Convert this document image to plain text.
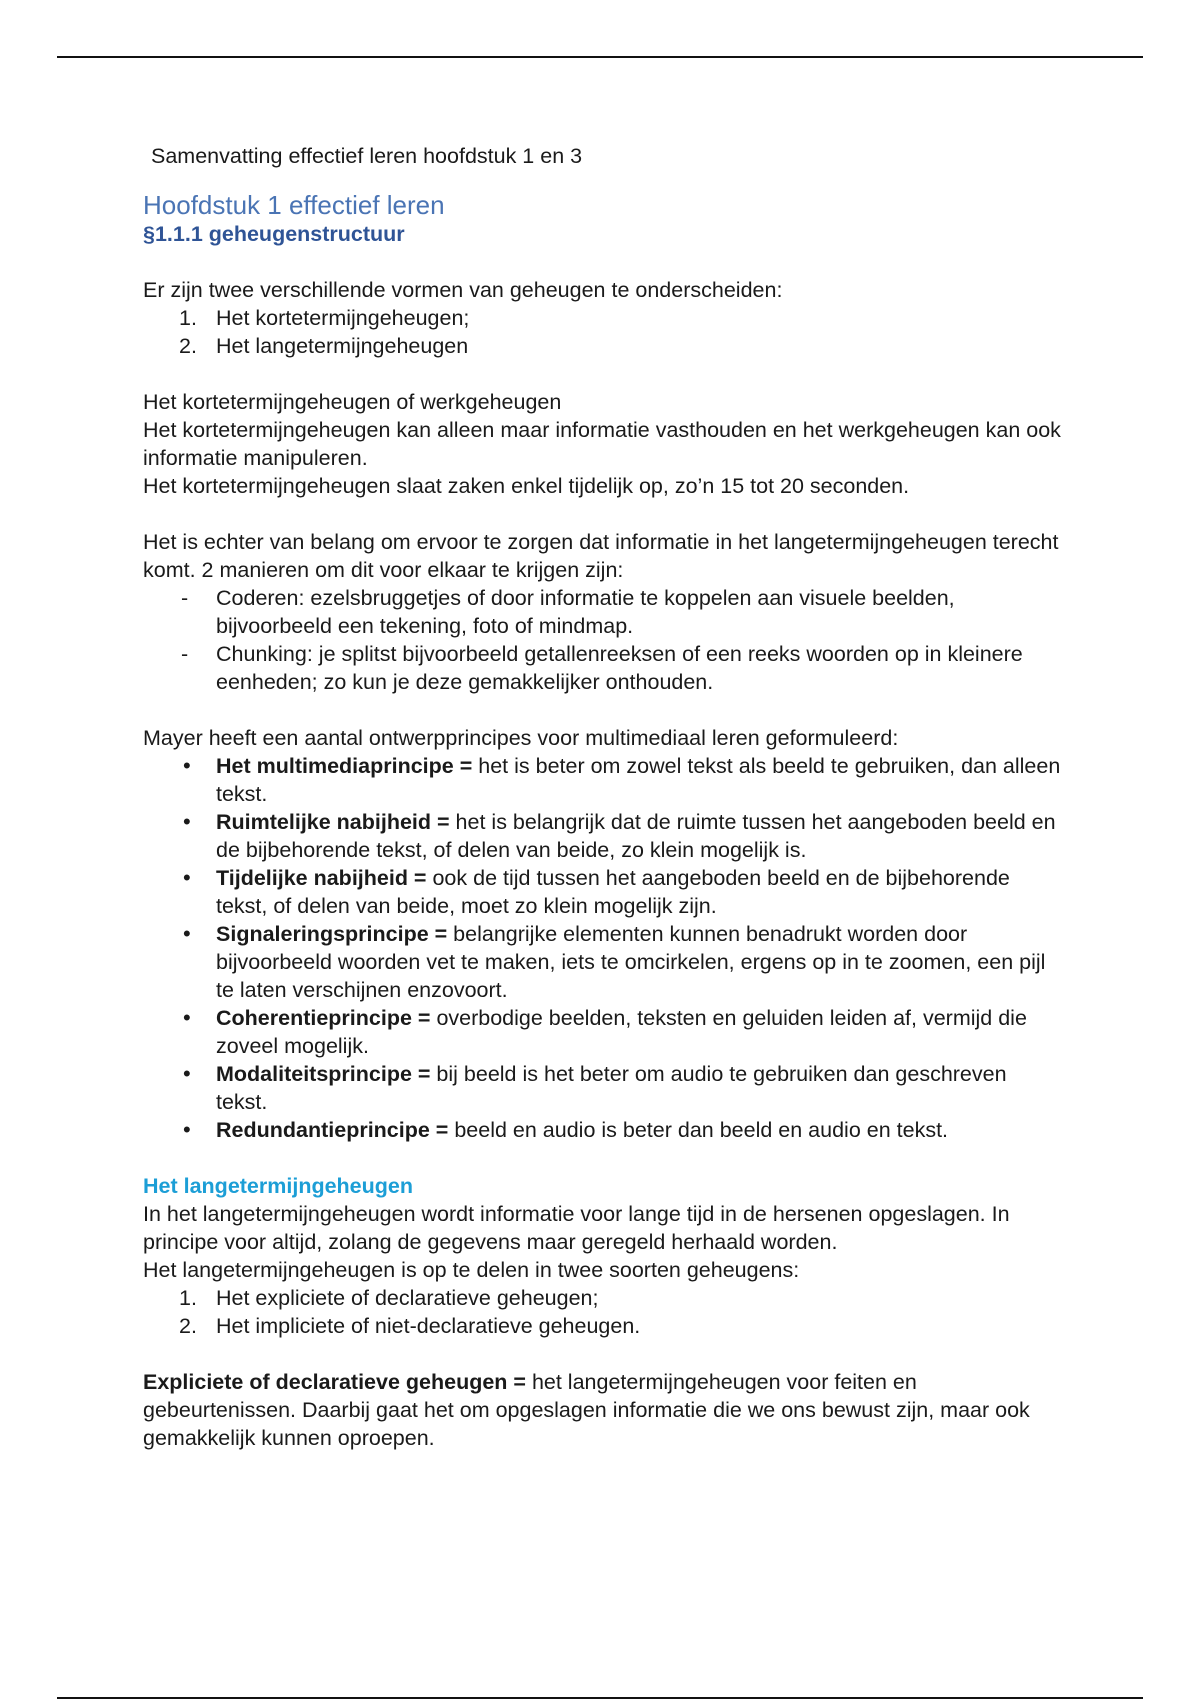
Samenvatting effectief leren hoofdstuk 1 en 3

Hoofdstuk 1 effectief leren
§1.1.1 geheugenstructuur

Er zijn twee verschillende vormen van geheugen te onderscheiden:

1. Het kortetermijngeheugen;
2. Het langetermijngeheugen

Het kortetermijngeheugen of werkgeheugen

Het kortetermijngeheugen kan alleen maar informatie vasthouden en het werkgeheugen kan ook informatie manipuleren.

Het kortetermijngeheugen slaat zaken enkel tijdelijk op, zo’n 15 tot 20 seconden.

Het is echter van belang om ervoor te zorgen dat informatie in het langetermijngeheugen terecht komt. 2 manieren om dit voor elkaar te krijgen zijn:

- Coderen: ezelsbruggetjes of door informatie te koppelen aan visuele beelden, bijvoorbeeld een tekening, foto of mindmap.
- Chunking: je splitst bijvoorbeeld getallenreeksen of een reeks woorden op in kleinere eenheden; zo kun je deze gemakkelijker onthouden.

Mayer heeft een aantal ontwerpprincipes voor multimediaal leren geformuleerd:

• Het multimediaprincipe = het is beter om zowel tekst als beeld te gebruiken, dan alleen tekst.
• Ruimtelijke nabijheid = het is belangrijk dat de ruimte tussen het aangeboden beeld en de bijbehorende tekst, of delen van beide, zo klein mogelijk is.
• Tijdelijke nabijheid = ook de tijd tussen het aangeboden beeld en de bijbehorende tekst, of delen van beide, moet zo klein mogelijk zijn.
• Signaleringsprincipe = belangrijke elementen kunnen benadrukt worden door bijvoorbeeld woorden vet te maken, iets te omcirkelen, ergens op in te zoomen, een pijl te laten verschijnen enzovoort.
• Coherentieprincipe = overbodige beelden, teksten en geluiden leiden af, vermijd die zoveel mogelijk.
• Modaliteitsprincipe = bij beeld is het beter om audio te gebruiken dan geschreven tekst.
• Redundantieprincipe = beeld en audio is beter dan beeld en audio en tekst.
Het langetermijngeheugen

In het langetermijngeheugen wordt informatie voor lange tijd in de hersenen opgeslagen. In principe voor altijd, zolang de gegevens maar geregeld herhaald worden.

Het langetermijngeheugen is op te delen in twee soorten geheugens:

1. Het expliciete of declaratieve geheugen;
2. Het impliciete of niet-declaratieve geheugen.

Expliciete of declaratieve geheugen = het langetermijngeheugen voor feiten en gebeurtenissen. Daarbij gaat het om opgeslagen informatie die we ons bewust zijn, maar ook gemakkelijk kunnen oproepen.
